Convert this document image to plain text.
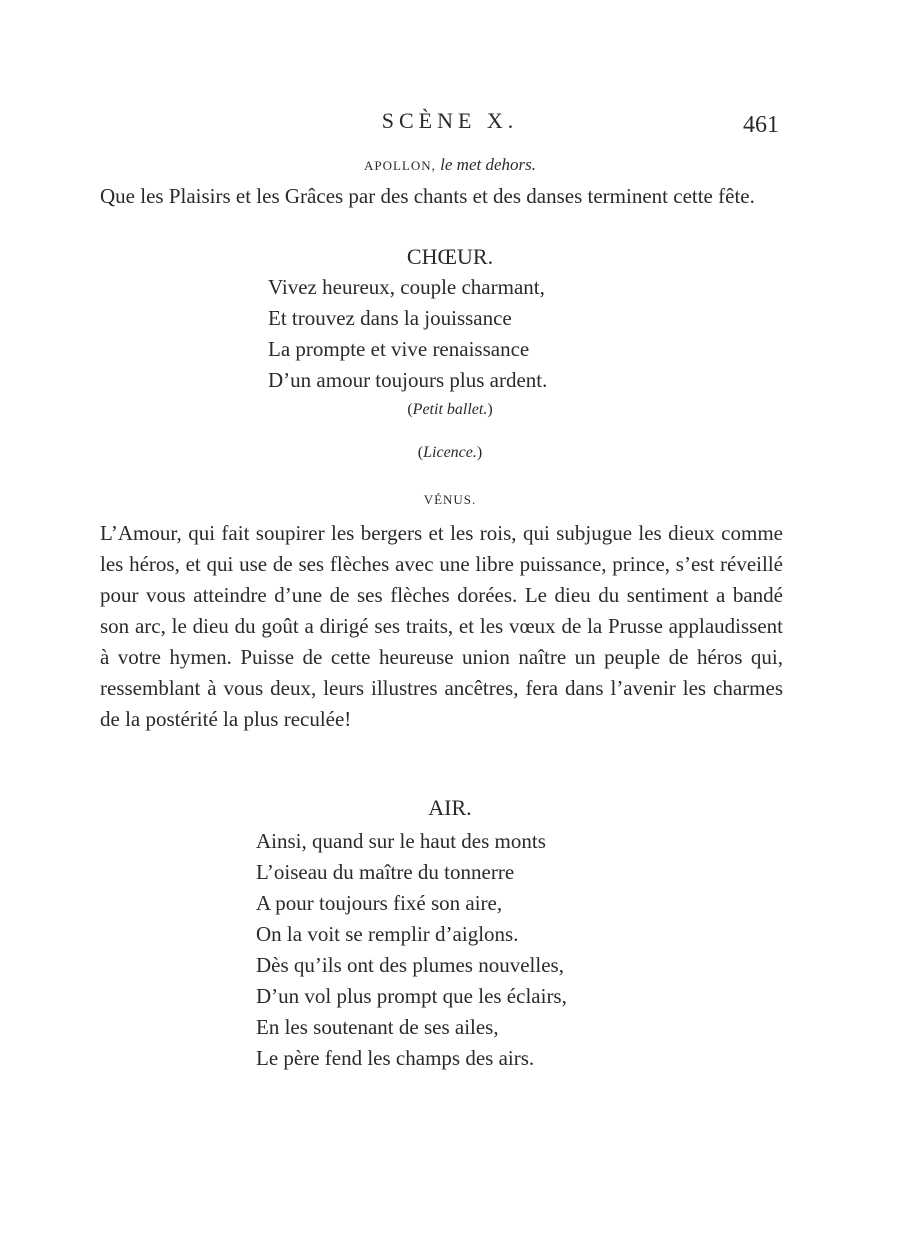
SCÈNE X.	461
APOLLON, le met dehors.
Que les Plaisirs et les Grâces par des chants et des danses terminent cette fête.
CHŒUR.
Vivez heureux, couple charmant,
Et trouvez dans la jouissance
La prompte et vive renaissance
D’un amour toujours plus ardent.
(Petit ballet.)
(Licence.)
VÉNUS.
L’Amour, qui fait soupirer les bergers et les rois, qui subjugue les dieux comme les héros, et qui use de ses flèches avec une libre puissance, prince, s’est réveillé pour vous atteindre d’une de ses flèches dorées. Le dieu du sentiment a bandé son arc, le dieu du goût a dirigé ses traits, et les vœux de la Prusse applaudissent à votre hymen. Puisse de cette heureuse union naître un peuple de héros qui, ressemblant à vous deux, leurs illustres ancêtres, fera dans l’avenir les charmes de la postérité la plus reculée!
AIR.
Ainsi, quand sur le haut des monts
L’oiseau du maître du tonnerre
A pour toujours fixé son aire,
On la voit se remplir d’aiglons.
Dès qu’ils ont des plumes nouvelles,
D’un vol plus prompt que les éclairs,
En les soutenant de ses ailes,
Le père fend les champs des airs.
